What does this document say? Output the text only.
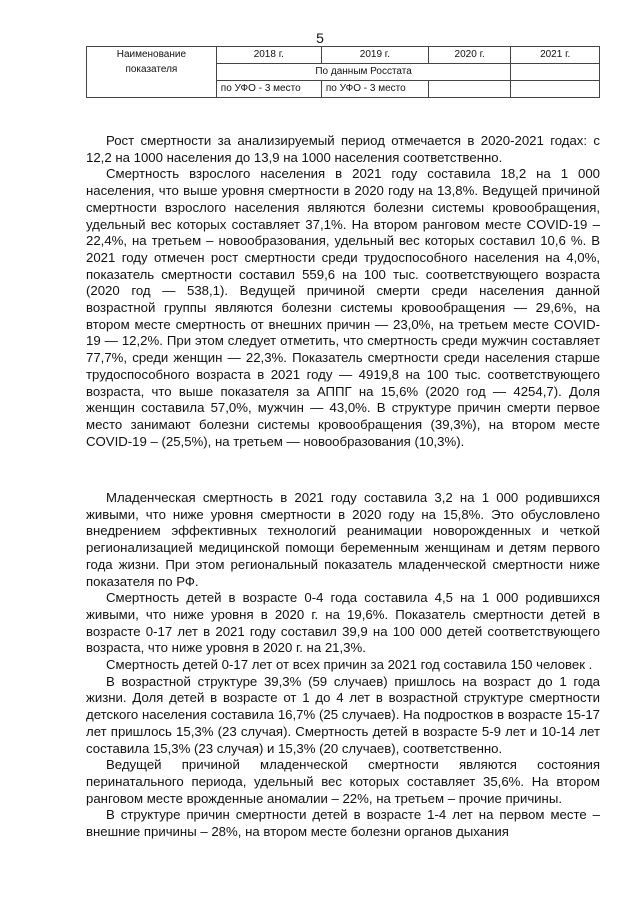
5
Наименование показателя	2018 г.	2019 г.	2020 г.	2021 г.
	По данным Росстата			
	по УФО - 3 место	по УФО - 3 место		

Рост смертности за анализируемый период отмечается в 2020-2021 годах: с 12,2 на 1000 населения до 13,9 на 1000 населения соответственно.

Смертность взрослого населения в 2021 году составила 18,2 на 1 000 населения, что выше уровня смертности в 2020 году на 13,8%. Ведущей причиной смертности взрослого населения являются болезни системы кровообращения, удельный вес которых составляет 37,1%. На втором ранговом месте COVID-19 – 22,4%, на третьем – новообразования, удельный вес которых составил 10,6 %. В 2021 году отмечен рост смертности среди трудоспособного населения на 4,0%, показатель смертности составил 559,6 на 100 тыс. соответствующего возраста (2020 год — 538,1). Ведущей причиной смерти среди населения данной возрастной группы являются болезни системы кровообращения — 29,6%, на втором месте смертность от внешних причин — 23,0%, на третьем месте COVID-19 — 12,2%. При этом следует отметить, что смертность среди мужчин составляет 77,7%, среди женщин — 22,3%. Показатель смертности среди населения старше трудоспособного возраста в 2021 году — 4919,8 на 100 тыс. соответствующего возраста, что выше показателя за АППГ на 15,6% (2020 год — 4254,7). Доля женщин составила 57,0%, мужчин — 43,0%. В структуре причин смерти первое место занимают болезни системы кровообращения (39,3%), на втором месте COVID-19 – (25,5%), на третьем — новообразования (10,3%).

Младенческая смертность в 2021 году составила 3,2 на 1 000 родившихся живыми, что ниже уровня смертности в 2020 году на 15,8%. Это обусловлено внедрением эффективных технологий реанимации новорожденных и четкой регионализацией медицинской помощи беременным женщинам и детям первого года жизни. При этом региональный показатель младенческой смертности ниже показателя по РФ.

Смертность детей в возрасте 0-4 года составила 4,5 на 1 000 родившихся живыми, что ниже уровня в 2020 г. на 19,6%. Показатель смертности детей в возрасте 0-17 лет в 2021 году составил 39,9 на 100 000 детей соответствующего возраста, что ниже уровня в 2020 г. на 21,3%.

Смертность детей 0-17 лет от всех причин за 2021 год составила 150 человек .

В возрастной структуре 39,3% (59 случаев) пришлось на возраст до 1 года жизни. Доля детей в возрасте от 1 до 4 лет в возрастной структуре смертности детского населения составила 16,7% (25 случаев). На подростков в возрасте 15-17 лет пришлось 15,3% (23 случая). Смертность детей в возрасте 5-9 лет и 10-14 лет составила 15,3% (23 случая) и 15,3% (20 случаев), соответственно.

Ведущей причиной младенческой смертности являются состояния перинатального периода, удельный вес которых составляет 35,6%. На втором ранговом месте врожденные аномалии – 22%, на третьем – прочие причины.

В структуре причин смертности детей в возрасте 1-4 лет на первом месте – внешние причины – 28%, на втором месте болезни органов дыхания
